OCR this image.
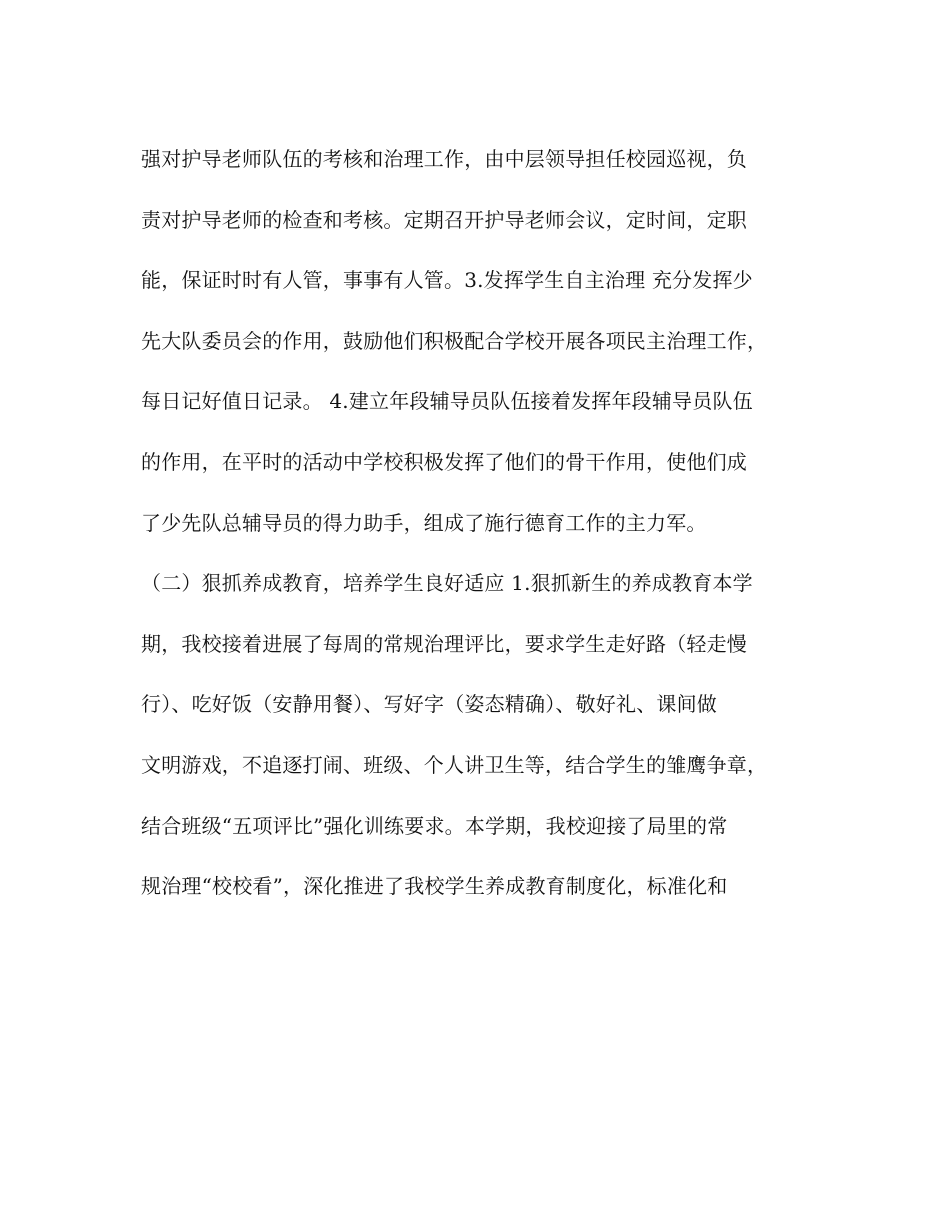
强对护导老师队伍的考核和治理工作，由中层领导担任校园巡视，负
责对护导老师的检查和考核。定期召开护导老师会议，定时间，定职
能，保证时时有人管，事事有人管。3.发挥学生自主治理 充分发挥少
先大队委员会的作用，鼓励他们积极配合学校开展各项民主治理工作，
每日记好值日记录。 4.建立年段辅导员队伍接着发挥年段辅导员队伍
的作用，在平时的活动中学校积极发挥了他们的骨干作用，使他们成
了少先队总辅导员的得力助手，组成了施行德育工作的主力军。
（二）狠抓养成教育，培养学生良好适应 1.狠抓新生的养成教育本学
期，我校接着进展了每周的常规治理评比，要求学生走好路（轻走慢
行）、吃好饭（安静用餐）、写好字（姿态精确）、敬好礼、课间做
文明游戏，不追逐打闹、班级、个人讲卫生等，结合学生的雏鹰争章，
结合班级“五项评比”强化训练要求。本学期，我校迎接了局里的常
规治理“校校看”，深化推进了我校学生养成教育制度化，标准化和
